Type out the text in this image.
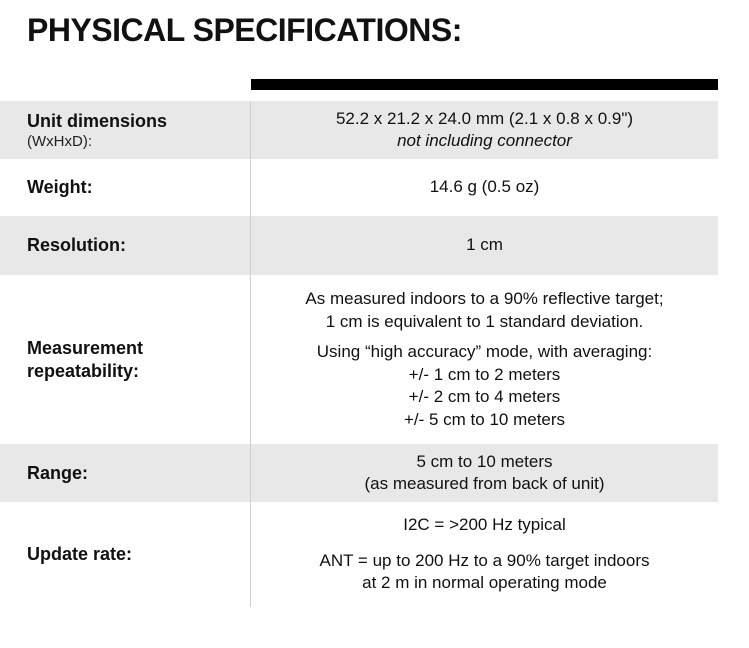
PHYSICAL SPECIFICATIONS:
Unit dimensions
(WxHxD):
52.2 x 21.2 x 24.0 mm (2.1 x 0.8 x 0.9")
not including connector
Weight:	14.6 g (0.5 oz)
Resolution:	1 cm
Measurement
repeatability:
As measured indoors to a 90% reflective target;
1 cm is equivalent to 1 standard deviation.
Using “high accuracy” mode, with averaging:
+/- 1 cm to 2 meters
+/- 2 cm to 4 meters
+/- 5 cm to 10 meters
Range:
5 cm to 10 meters
(as measured from back of unit)
Update rate:
I2C = >200 Hz typical
ANT = up to 200 Hz to a 90% target indoors
at 2 m in normal operating mode
